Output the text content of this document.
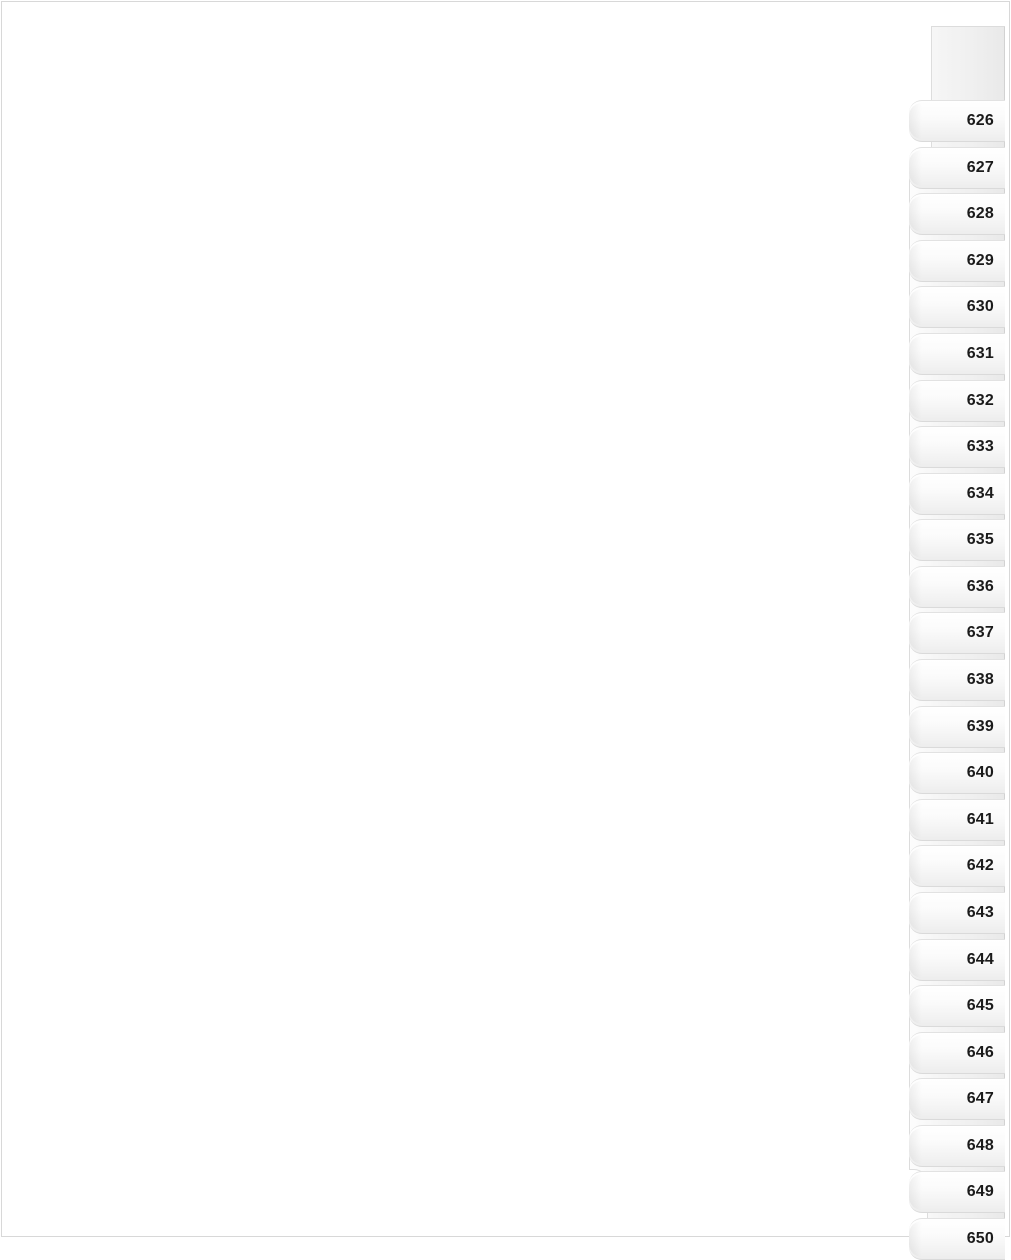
626
627
628
629
630
631
632
633
634
635
636
637
638
639
640
641
642
643
644
645
646
647
648
649
650
